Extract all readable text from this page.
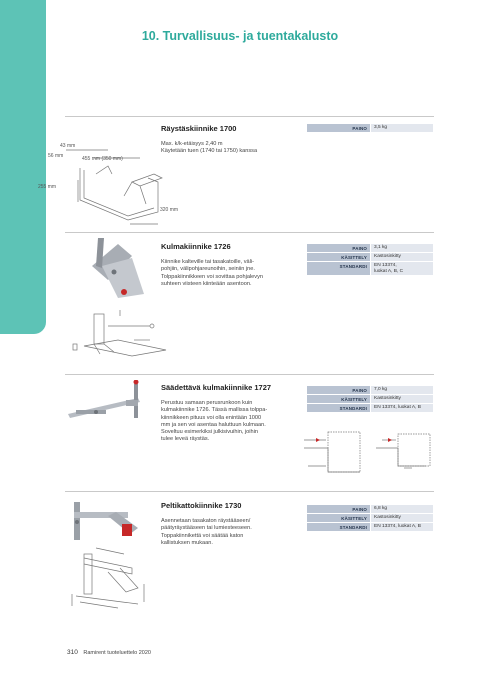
10. Turvallisuus- ja tuentakalusto
Räystäskiinnike 1700
Max. k/k-etäisyys 2,40 m
Käytetään tuen (1740 tai 1750) kanssa
PAINO	3,5 kg
43 mm
56 mm	455 mm (350 mm)
255 mm
320 mm
Kulmakiinnike 1726
Kiinnike kalteville tai tasakatoille, väli-
pohjiin, välipohjareunoihin, seiniin jne.
Tolppakiinnikkeen voi sovittaa pohjalevyn
suhteen viisteen kiinteään asentoon.
PAINO	3,1 kg
KÄSITTELY	Kastosinkitty
STANDARDI	EN 13374,
luokat A, B, C
Säädettävä kulmakiinnike 1727
Perustuu samaan perusrunkoon kuin
kulmakiinnike 1726. Tässä mallissa tolppa-
kiinnikkeen pituus voi olla enintään 1000
mm ja sen voi asentaa haluttuun kulmaan.
Soveltuu esimerkiksi julkisivuihin, joihin
tulee leveä räystäs.
PAINO	7,0 kg
KÄSITTELY	Kastosinkitty
STANDARDI	EN 13374, luokat A, B
Peltikattokiinnike 1730
Asennetaan tasakaton räystääseen/
päätyräystääseen tai lumiesteeseen.
Toppakiinnikettä voi säätää katon
kallistuksen mukaan.
PAINO	6,8 kg
KÄSITTELY	Kastosinkitty
STANDARDI	EN 13374, luokat A, B
310 Ramirent tuoteluettelo 2020
